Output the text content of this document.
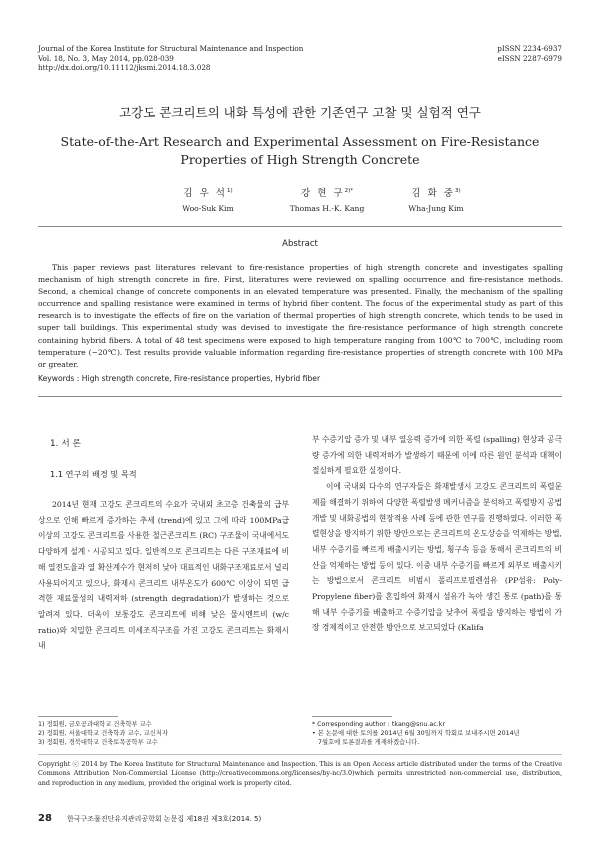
Journal of the Korea Institute for Structural Maintenance and Inspection
Vol. 18, No. 3, May 2014, pp.028-039
http://dx.doi.org/10.11112/jksmi.2014.18.3.028
pISSN 2234-6937
eISSN 2287-6979
고강도 콘크리트의 내화 특성에 관한 기존연구 고찰 및 실험적 연구
State-of-the-Art Research and Experimental Assessment on Fire-Resistance Properties of High Strength Concrete
김 우 석$^{1)}$
Woo-Suk Kim
강 현 구$^{2)*}$
Thomas H.-K. Kang
김 화 중$^{3)}$
Wha-Jung Kim
Abstract
This paper reviews past literatures relevant to fire-resistance properties of high strength concrete and investigates spalling mechanism of high strength concrete in fire. First, literatures were reviewed on spalling occurrence and fire-resistance methods. Second, a chemical change of concrete components in an elevated temperature was presented. Finally, the mechanism of the spalling occurrence and spalling resistance were examined in terms of hybrid fiber content. The focus of the experimental study as part of this research is to investigate the effects of fire on the variation of thermal properties of high strength concrete, which tends to be used in super tall buildings. This experimental study was devised to investigate the fire-resistance performance of high strength concrete containing hybrid fibers. A total of 48 test specimens were exposed to high temperature ranging from 100℃ to 700℃, including room temperature (~20℃). Test results provide valuable information regarding fire-resistance properties of strength concrete with 100 MPa or greater.
Keywords : High strength concrete, Fire-resistance properties, Hybrid fiber
1. 서 론
1.1 연구의 배경 및 목적

2014년 현재 고강도 콘크리트의 수요가 국내외 초고층 건축물의 급부상으로 인해 빠르게 증가하는 추세 (trend)에 있고 그에 따라 100MPa급 이상의 고강도 콘크리트를 사용한 철근콘크리트 (RC) 구조물이 국내에서도 다양하게 설계ㆍ시공되고 있다. 일반적으로 콘크리트는 다른 구조재료에 비해 열전도율과 열 확산계수가 현저히 낮아 대표적인 내화구조재료로서 널리 사용되어지고 있으나, 화재시 콘크리트 내부온도가 600℃ 이상이 되면 급격한 재료물성의 내력저하 (strength degradation)가 발생하는 것으로 알려져 있다. 더욱이 보통강도 콘크리트에 비해 낮은 물시멘트비 (w/c ratio)와 치밀한 콘크리트 미세조직구조를 가진 고강도 콘크리트는 화재시 내

부 수증기압 증가 및 내부 열응력 증가에 의한 폭렬 (spalling) 현상과 공극량 증가에 의한 내력저하가 발생하기 때문에 이에 따른 원인 분석과 대책이 절실하게 필요한 실정이다.

이에 국내외 다수의 연구자들은 화재발생시 고강도 콘크리트의 폭렬문제를 해결하기 위하여 다양한 폭렬발생 메커니즘을 분석하고 폭렬방지 공법 개발 및 내화공법의 현장적용 사례 등에 관한 연구를 진행하였다. 이러한 폭렬현상을 방지하기 위한 방안으로는 콘크리트의 온도상승을 억제하는 방법, 내부 수증기를 빠르게 배출시키는 방법, 횡구속 등을 통해서 콘크리트의 비산을 억제하는 방법 등이 있다. 이중 내부 수증기를 빠르게 외부로 배출시키는 방법으로서 콘크리트 비범시 폴리프로필렌섬유 (PP섬유: Poly-Propylene fiber)를 혼입하여 화재시 섬유가 녹아 생긴 통로 (path)를 통해 내부 수증기를 배출하고 수증기압을 낮추어 폭렬을 방지하는 방법이 가장 경제적이고 안전한 방안으로 보고되었다 (Kalifa

1) 정회원, 금오공과대학교 건축학부 교수
2) 정회원, 서울대학교 건축학과 교수, 교신저자
3) 정회원, 경북대학교 건축토목공학부 교수
* Corresponding author : tkang@snu.ac.kr
• 본 논문에 대한 토의를 2014년 6월 30일까지 학회로 보내주시면 2014년
7월호에 토론결과를 게재하겠습니다.
Copyright ⓒ 2014 by The Korea Institute for Structural Maintenance and Inspection. This is an Open Access article distributed under the terms of the Creative Commons Attribution Non-Commercial License (http://creativecommons.org/licenses/by-nc/3.0)which permits unrestricted non-commercial use, distribution, and reproduction in any medium, provided the original work is properly cited.
28 한국구조물진단유지관리공학회 논문집 제18권 제3호(2014. 5)
